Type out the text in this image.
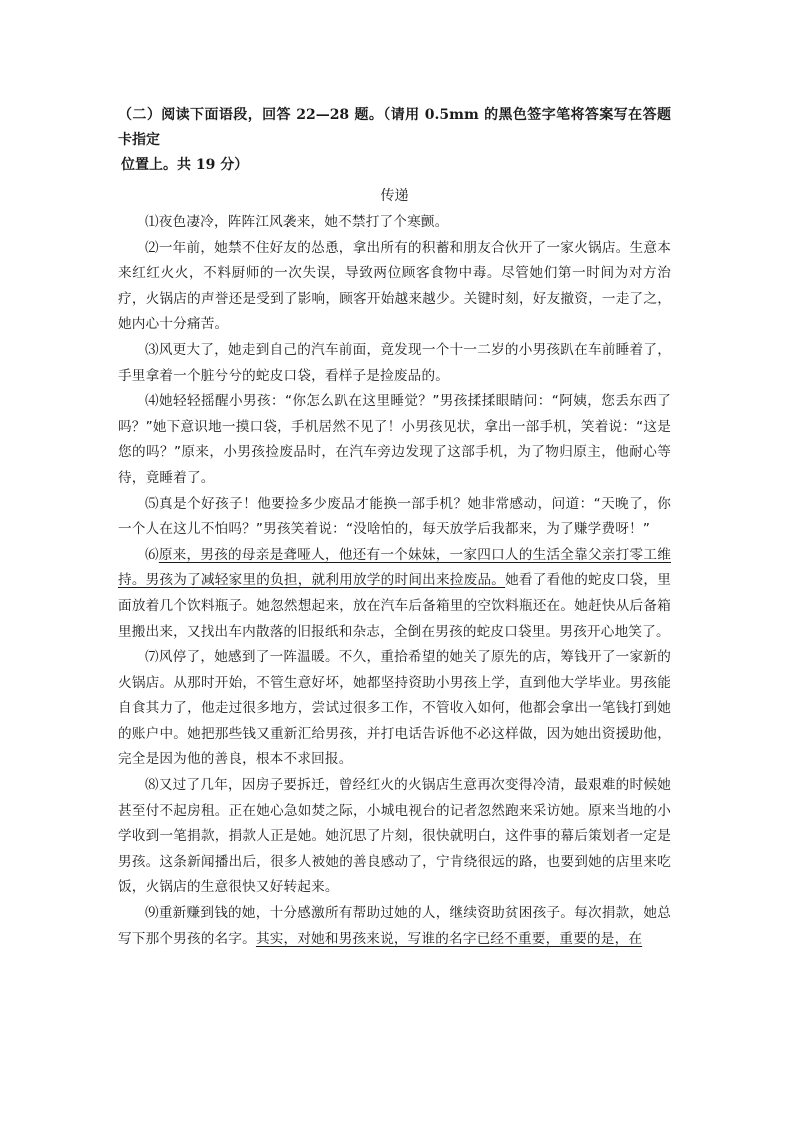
（二）阅读下面语段，回答 22—28 题。（请用 0.5mm 的黑色签字笔将答案写在答题卡指定
位置上。共 19 分）

传递

⑴夜色凄冷，阵阵江风袭来，她不禁打了个寒颤。

⑵一年前，她禁不住好友的怂恿，拿出所有的积蓄和朋友合伙开了一家火锅店。生意本来红红火火，不料厨师的一次失误，导致两位顾客食物中毒。尽管她们第一时间为对方治疗，火锅店的声誉还是受到了影响，顾客开始越来越少。关键时刻，好友撤资，一走了之，她内心十分痛苦。

⑶风更大了，她走到自己的汽车前面，竟发现一个十一二岁的小男孩趴在车前睡着了，手里拿着一个脏兮兮的蛇皮口袋，看样子是捡废品的。

⑷她轻轻摇醒小男孩：“你怎么趴在这里睡觉？”男孩揉揉眼睛问：“阿姨，您丢东西了吗？”她下意识地一摸口袋，手机居然不见了！小男孩见状，拿出一部手机，笑着说：“这是您的吗？”原来，小男孩捡废品时，在汽车旁边发现了这部手机，为了物归原主，他耐心等待，竟睡着了。

⑸真是个好孩子！他要捡多少废品才能换一部手机？她非常感动，问道：“天晚了，你一个人在这儿不怕吗？”男孩笑着说：“没啥怕的，每天放学后我都来，为了赚学费呀！”

⑹原来，男孩的母亲是聋哑人，他还有一个妹妹，一家四口人的生活全靠父亲打零工维持。男孩为了减轻家里的负担，就利用放学的时间出来捡废品。她看了看他的蛇皮口袋，里面放着几个饮料瓶子。她忽然想起来，放在汽车后备箱里的空饮料瓶还在。她赶快从后备箱里搬出来，又找出车内散落的旧报纸和杂志，全倒在男孩的蛇皮口袋里。男孩开心地笑了。

⑺风停了，她感到了一阵温暖。不久，重拾希望的她关了原先的店，筹钱开了一家新的火锅店。从那时开始，不管生意好坏，她都坚持资助小男孩上学，直到他大学毕业。男孩能自食其力了，他走过很多地方，尝试过很多工作，不管收入如何，他都会拿出一笔钱打到她的账户中。她把那些钱又重新汇给男孩，并打电话告诉他不必这样做，因为她出资援助他，完全是因为他的善良，根本不求回报。

⑻又过了几年，因房子要拆迁，曾经红火的火锅店生意再次变得冷清，最艰难的时候她甚至付不起房租。正在她心急如焚之际，小城电视台的记者忽然跑来采访她。原来当地的小学收到一笔捐款，捐款人正是她。她沉思了片刻，很快就明白，这件事的幕后策划者一定是男孩。这条新闻播出后，很多人被她的善良感动了，宁肯绕很远的路，也要到她的店里来吃饭，火锅店的生意很快又好转起来。

⑼重新赚到钱的她，十分感激所有帮助过她的人，继续资助贫困孩子。每次捐款，她总写下那个男孩的名字。其实，对她和男孩来说，写谁的名字已经不重要，重要的是，在
